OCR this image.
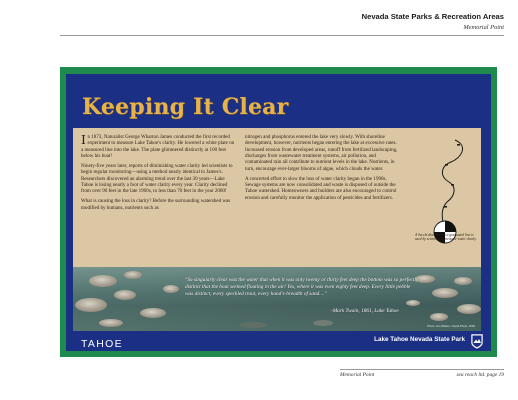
Nevada State Parks & Recreation Areas
Memorial Point
Keeping It Clear

In 1873, Naturalist George Wharton James conducted the first recorded experiment to measure Lake Tahoe's clarity. He lowered a white plate on a measured line into the lake. The plate glimmered distinctly at 100 feet below his boat!

Ninety-five years later, reports of diminishing water clarity led scientists to begin regular monitoring—using a method nearly identical to James's. Researchers discovered an alarming trend over the last 30 years—Lake Tahoe is losing nearly a foot of water clarity every year. Clarity declined from over 90 feet in the late 1960s, to less than 70 feet in the year 2000!

What is causing the loss in clarity? Before the surrounding watershed was modified by humans, nutrients such as

nitrogen and phosphorus entered the lake very slowly. With shoreline development, however, nutrients began entering the lake at excessive rates. Increased erosion from developed areas, runoff from fertilized landscaping, discharges from wastewater treatment systems, air pollution, and contaminated rain all contribute to nutrient levels in the lake. Nutrients, in turn, encourage ever-larger blooms of algae, which clouds the water.

A concerted effort to slow the loss of water clarity began in the 1990s. Sewage systems are now consolidated and waste is disposed of outside the Tahoe watershed. Homeowners and builders are also encouraged to control erosion and carefully monitor the application of pesticides and fertilizers.

A Secchi disc fixed to a graduated line is used by scientists to measure water clarity.
"So singularly clear was the water that when it was only twenty or thirty feet deep the bottom was so perfectly distinct that the boat seemed floating in the air! Yes, where it was even eighty feet deep. Every little pebble was distinct, every speckled trout, every hand's-breadth of sand...."
-Mark Twain, 1861, Lake Tahoe
Photo: Jan Walton / Aerial Photo, 2000
TAHOE	Lake Tahoe Nevada State Park
Memorial Point	sea reach ltd. page 19
